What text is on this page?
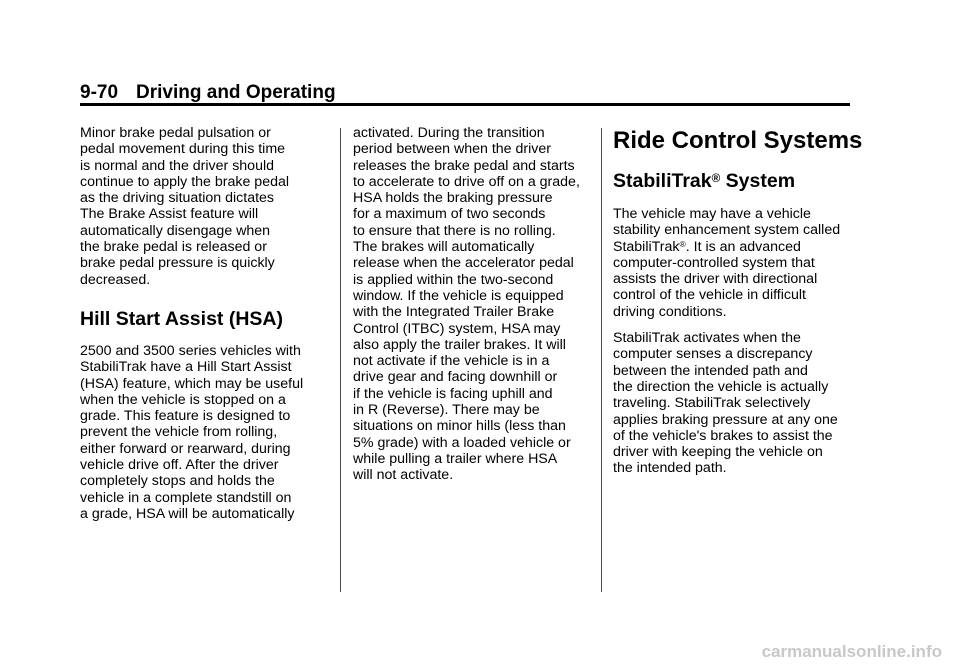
9-70 Driving and Operating

Minor brake pedal pulsation or

pedal movement during this time

is normal and the driver should

continue to apply the brake pedal

as the driving situation dictates

The Brake Assist feature will

automatically disengage when

the brake pedal is released or

brake pedal pressure is quickly

decreased.

Hill Start Assist (HSA)

2500 and 3500 series vehicles with

StabiliTrak have a Hill Start Assist

(HSA) feature, which may be useful

when the vehicle is stopped on a

grade. This feature is designed to

prevent the vehicle from rolling,

either forward or rearward, during

vehicle drive off. After the driver

completely stops and holds the

vehicle in a complete standstill on

a grade, HSA will be automatically

activated. During the transition

period between when the driver

releases the brake pedal and starts

to accelerate to drive off on a grade,

HSA holds the braking pressure

for a maximum of two seconds

to ensure that there is no rolling.

The brakes will automatically

release when the accelerator pedal

is applied within the two-second

window. If the vehicle is equipped

with the Integrated Trailer Brake

Control (ITBC) system, HSA may

also apply the trailer brakes. It will

not activate if the vehicle is in a

drive gear and facing downhill or

if the vehicle is facing uphill and

in R (Reverse). There may be

situations on minor hills (less than

5% grade) with a loaded vehicle or

while pulling a trailer where HSA

will not activate.

Ride Control Systems
StabiliTrak® System

The vehicle may have a vehicle

stability enhancement system called

StabiliTrak®. It is an advanced

computer-controlled system that

assists the driver with directional

control of the vehicle in difficult

driving conditions.

StabiliTrak activates when the

computer senses a discrepancy

between the intended path and

the direction the vehicle is actually

traveling. StabiliTrak selectively

applies braking pressure at any one

of the vehicle's brakes to assist the

driver with keeping the vehicle on

the intended path.

carmanualsonline.info
